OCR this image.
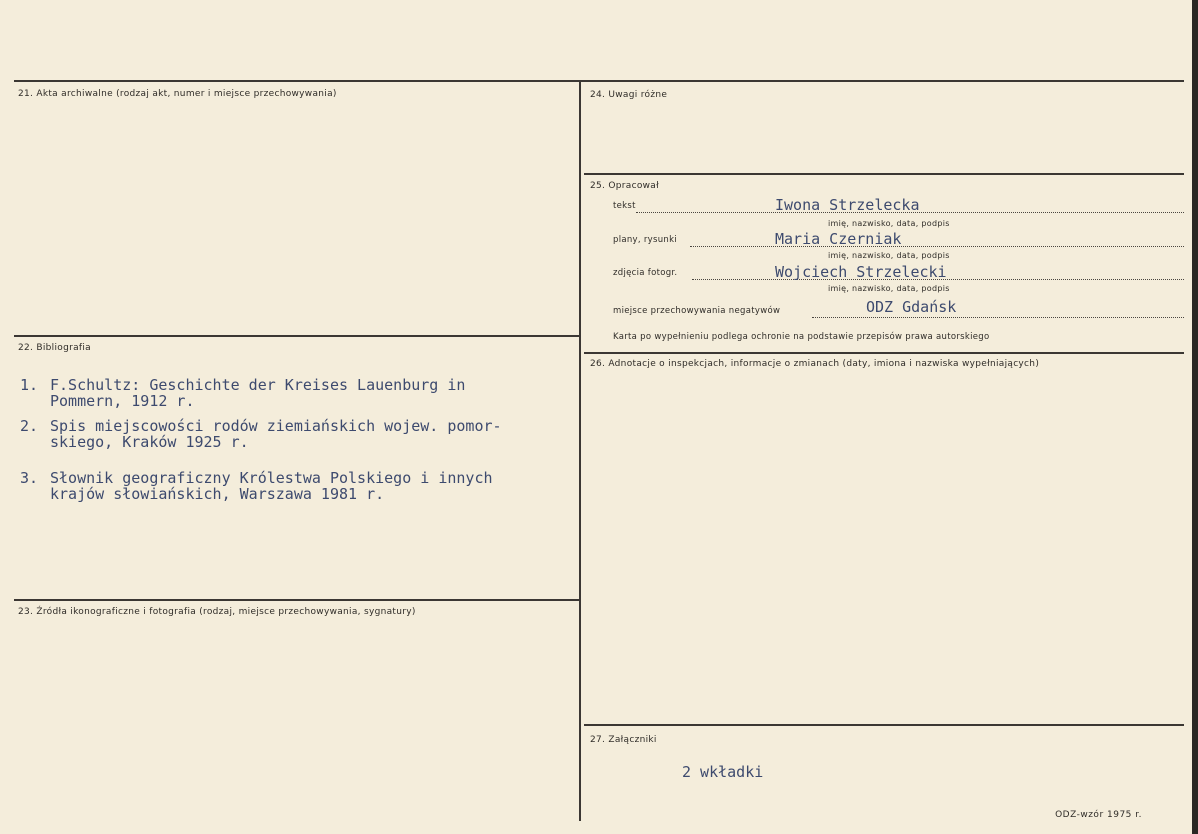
21. Akta archiwalne (rodzaj akt, numer i miejsce przechowywania)
22. Bibliografia
1. F.Schultz: Geschichte der Kreises Lauenburg in
Pommern, 1912 r.
2. Spis miejscowości rodów ziemiańskich wojew. pomor-
skiego, Kraków 1925 r.
3. Słownik geograficzny Królestwa Polskiego i innych
krajów słowiańskich, Warszawa 1981 r.
23. Źródła ikonograficzne i fotografia (rodzaj, miejsce przechowywania, sygnatury)
24. Uwagi różne
25. Opracował
tekst	Iwona Strzelecka
imię, nazwisko, data, podpis
plany, rysunki	Maria Czerniak
imię, nazwisko, data, podpis
zdjęcia fotogr.	Wojciech Strzelecki
imię, nazwisko, data, podpis
miejsce przechowywania negatywów	ODZ Gdańsk
Karta po wypełnieniu podlega ochronie na podstawie przepisów prawa autorskiego
26. Adnotacje o inspekcjach, informacje o zmianach (daty, imiona i nazwiska wypełniających)
27. Załączniki
2 wkładki
ODZ-wzór 1975 r.
